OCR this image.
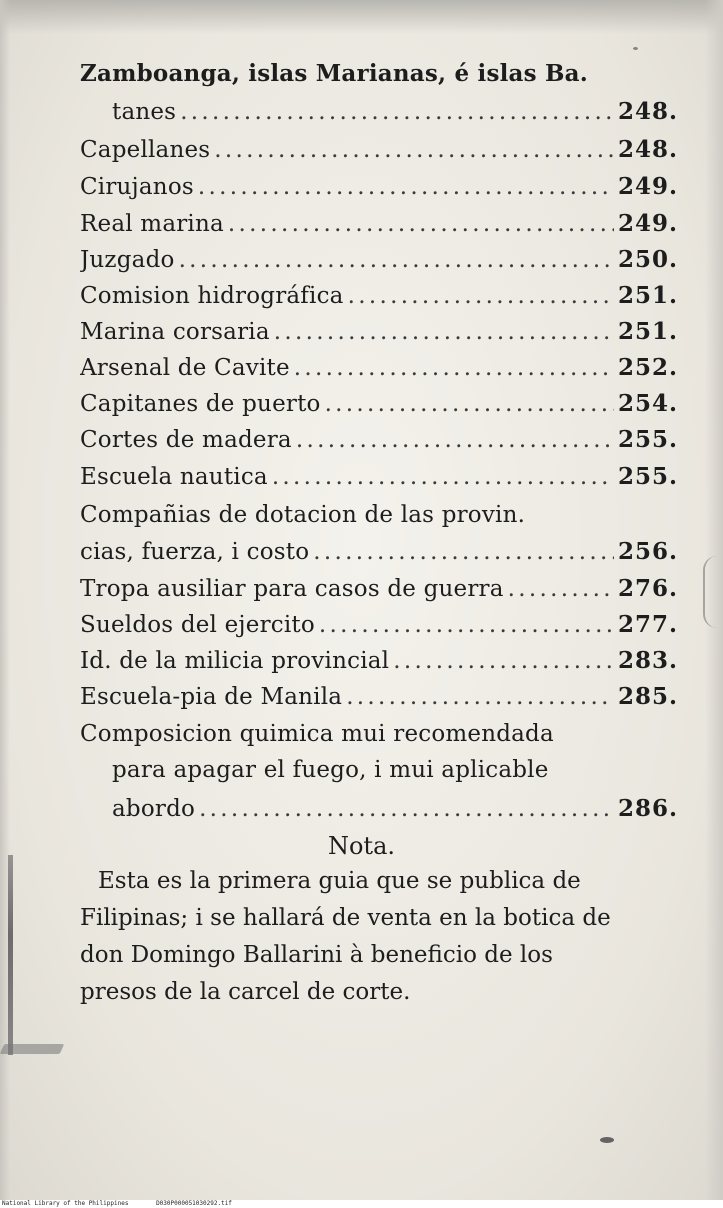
Zamboanga, islas Marianas, é islas Ba.
tanes . . .	248.
Capellanes . . .	248.
Cirujanos . . .	249.
Real marina . . .	249.
Juzgado . . .	250.
Comision hidrográfica . . .	251.
Marina corsaria . . .	251.
Arsenal de Cavite . . .	252.
Capitanes de puerto . . .	254.
Cortes de madera . . .	255.
Escuela nautica . . .	255.
Compañias de dotacion de las provin.
cias, fuerza, i costo . . .	256.
Tropa ausiliar para casos de guerra . . .	276.
Sueldos del ejercito . . .	277.
Id. de la milicia provincial . . .	283.
Escuela-pia de Manila . . .	285.
Composicion quimica mui recomendada
para apagar el fuego, i mui aplicable
abordo . . .	286.
Nota.
Esta es la primera guia que se publica de
Filipinas; i se hallará de venta en la botica de
don Domingo Ballarini à beneficio de los
presos de la carcel de corte.
National Library of the Philippines	D030P000051030292.tif
